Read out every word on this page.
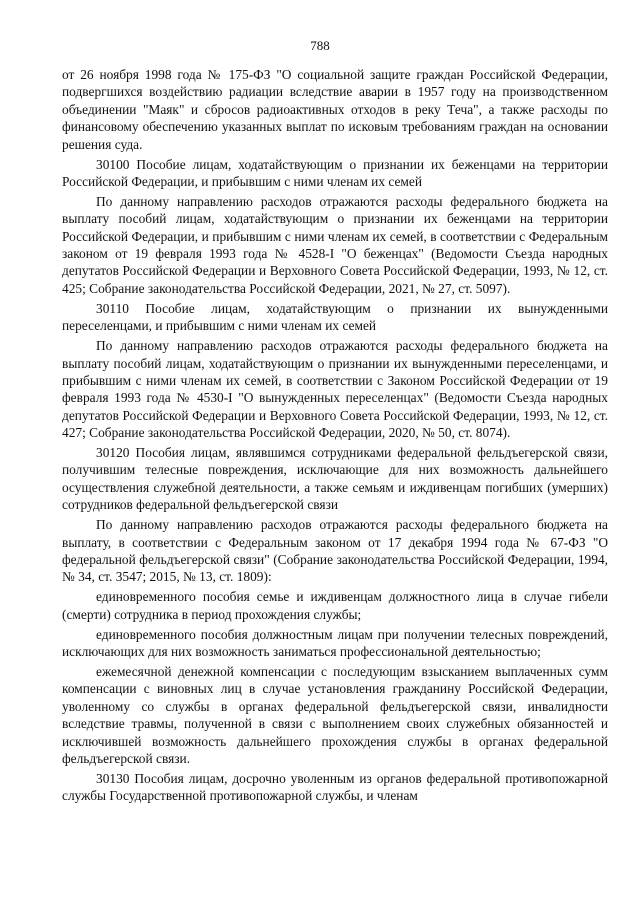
788

от 26 ноября 1998 года № 175-ФЗ "О социальной защите граждан Российской Федерации, подвергшихся воздействию радиации вследствие аварии в 1957 году на производственном объединении "Маяк" и сбросов радиоактивных отходов в реку Теча", а также расходы по финансовому обеспечению указанных выплат по исковым требованиям граждан на основании решения суда.

30100 Пособие лицам, ходатайствующим о признании их беженцами на территории Российской Федерации, и прибывшим с ними членам их семей

По данному направлению расходов отражаются расходы федерального бюджета на выплату пособий лицам, ходатайствующим о признании их беженцами на территории Российской Федерации, и прибывшим с ними членам их семей, в соответствии с Федеральным законом от 19 февраля 1993 года № 4528-I "О беженцах" (Ведомости Съезда народных депутатов Российской Федерации и Верховного Совета Российской Федерации, 1993, № 12, ст. 425; Собрание законодательства Российской Федерации, 2021, № 27, ст. 5097).

30110 Пособие лицам, ходатайствующим о признании их вынужденными переселенцами, и прибывшим с ними членам их семей

По данному направлению расходов отражаются расходы федерального бюджета на выплату пособий лицам, ходатайствующим о признании их вынужденными переселенцами, и прибывшим с ними членам их семей, в соответствии с Законом Российской Федерации от 19 февраля 1993 года № 4530-I "О вынужденных переселенцах" (Ведомости Съезда народных депутатов Российской Федерации и Верховного Совета Российской Федерации, 1993, № 12, ст. 427; Собрание законодательства Российской Федерации, 2020, № 50, ст. 8074).

30120 Пособия лицам, являвшимся сотрудниками федеральной фельдъегерской связи, получившим телесные повреждения, исключающие для них возможность дальнейшего осуществления служебной деятельности, а также семьям и иждивенцам погибших (умерших) сотрудников федеральной фельдъегерской связи

По данному направлению расходов отражаются расходы федерального бюджета на выплату, в соответствии с Федеральным законом от 17 декабря 1994 года № 67-ФЗ "О федеральной фельдъегерской связи" (Собрание законодательства Российской Федерации, 1994, № 34, ст. 3547; 2015, № 13, ст. 1809):

единовременного пособия семье и иждивенцам должностного лица в случае гибели (смерти) сотрудника в период прохождения службы;

единовременного пособия должностным лицам при получении телесных повреждений, исключающих для них возможность заниматься профессиональной деятельностью;

ежемесячной денежной компенсации с последующим взысканием выплаченных сумм компенсации с виновных лиц в случае установления гражданину Российской Федерации, уволенному со службы в органах федеральной фельдъегерской связи, инвалидности вследствие травмы, полученной в связи с выполнением своих служебных обязанностей и исключившей возможность дальнейшего прохождения службы в органах федеральной фельдъегерской связи.

30130 Пособия лицам, досрочно уволенным из органов федеральной противопожарной службы Государственной противопожарной службы, и членам
